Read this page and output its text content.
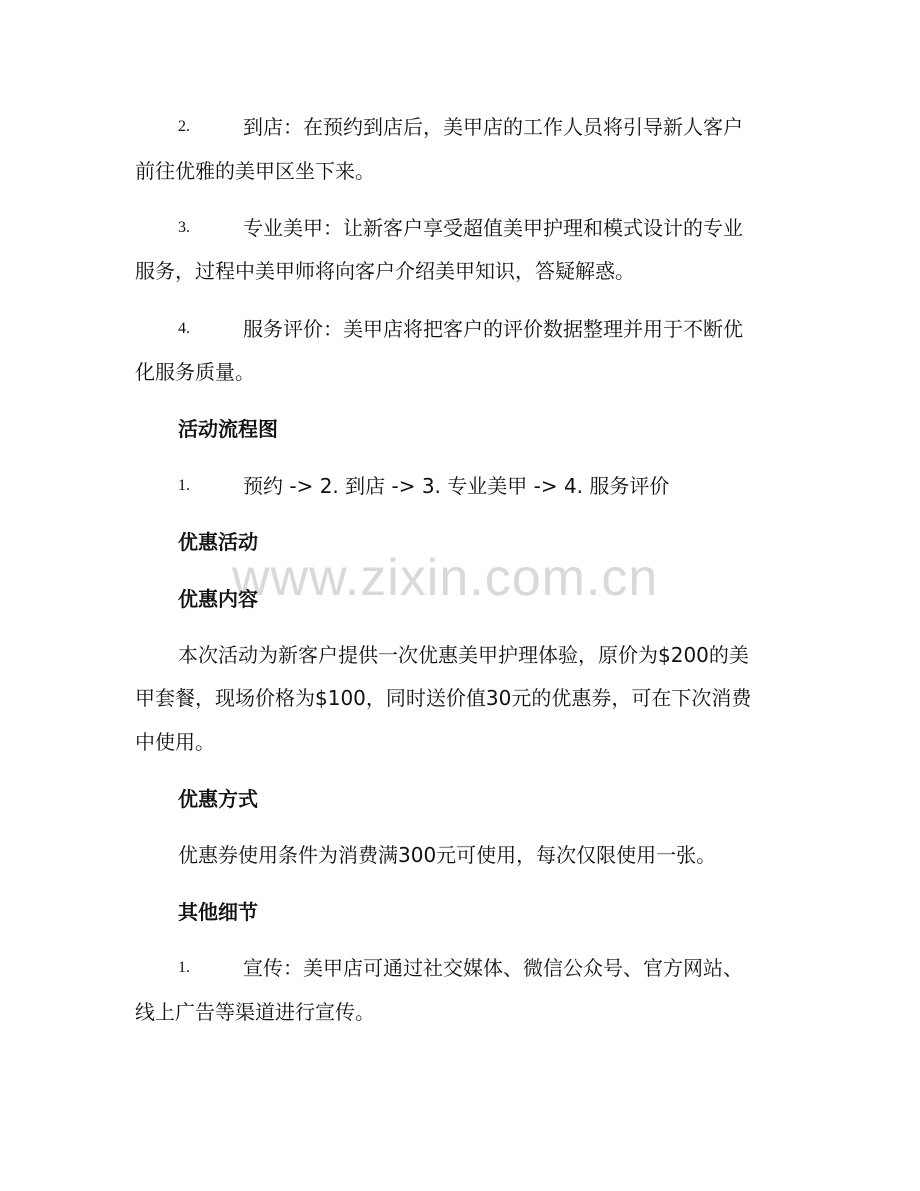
2.	到店：在预约到店后，美甲店的工作人员将引导新人客户
前往优雅的美甲区坐下来。
3.	专业美甲：让新客户享受超值美甲护理和模式设计的专业
服务，过程中美甲师将向客户介绍美甲知识，答疑解惑。
4.	服务评价：美甲店将把客户的评价数据整理并用于不断优
化服务质量。
活动流程图
1.	预约 -> 2. 到店 -> 3. 专业美甲 -> 4. 服务评价
优惠活动
www.zixin.com.cn
优惠内容
本次活动为新客户提供一次优惠美甲护理体验，原价为$200的美
甲套餐，现场价格为$100，同时送价值30元的优惠券，可在下次消费
中使用。
优惠方式
优惠券使用条件为消费满300元可使用，每次仅限使用一张。
其他细节
1.	宣传：美甲店可通过社交媒体、微信公众号、官方网站、
线上广告等渠道进行宣传。
